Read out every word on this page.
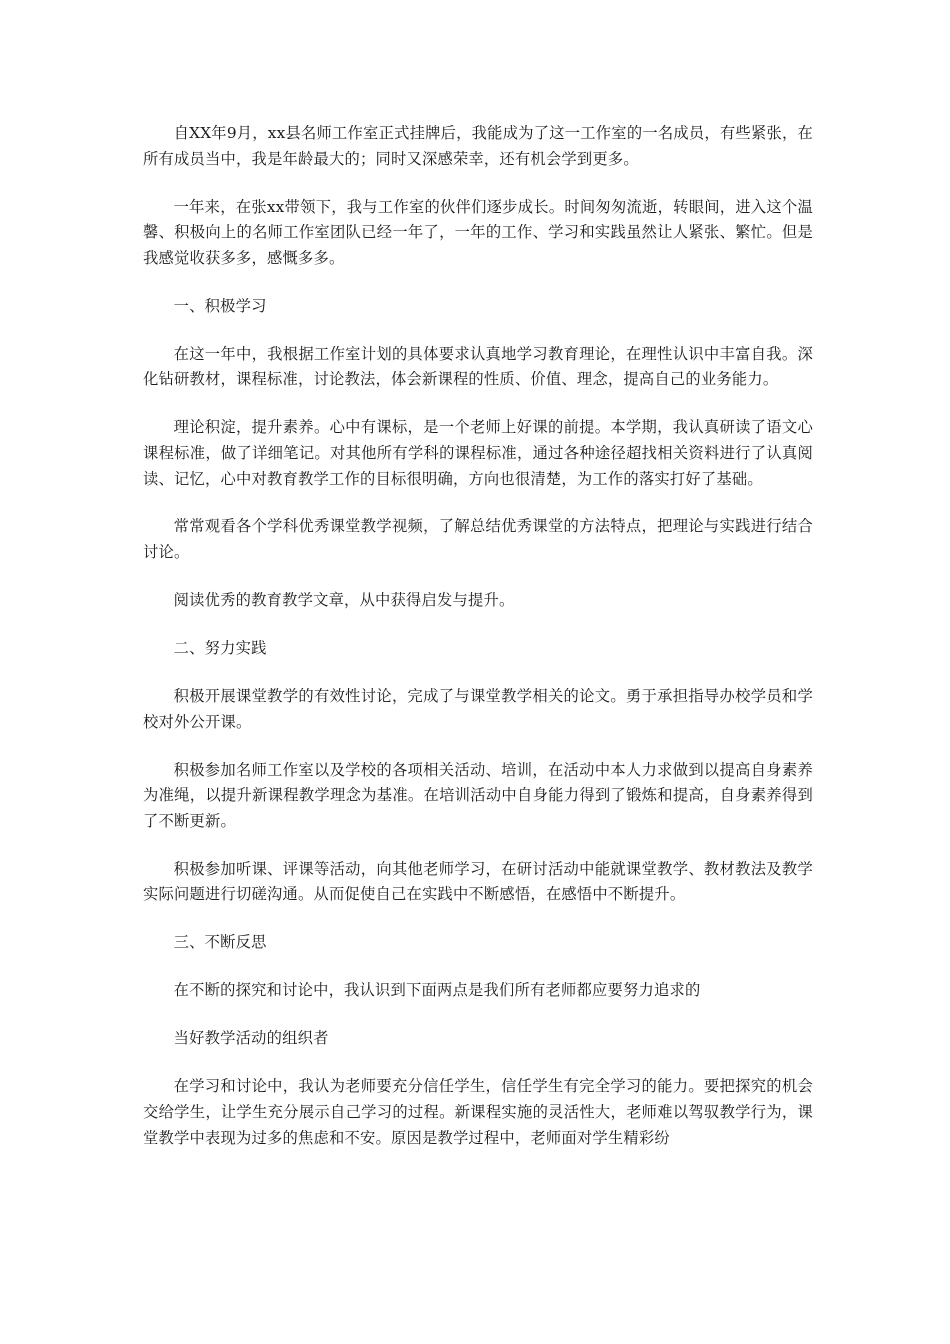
自XX年9月，xx县名师工作室正式挂牌后，我能成为了这一工作室的一名成员，有些紧张，在所有成员当中，我是年龄最大的；同时又深感荣幸，还有机会学到更多。

一年来，在张xx带领下，我与工作室的伙伴们逐步成长。时间匆匆流逝，转眼间，进入这个温馨、积极向上的名师工作室团队已经一年了，一年的工作、学习和实践虽然让人紧张、繁忙。但是我感觉收获多多，感慨多多。

一、积极学习

在这一年中，我根据工作室计划的具体要求认真地学习教育理论，在理性认识中丰富自我。深化钻研教材，课程标准，讨论教法，体会新课程的性质、价值、理念，提高自己的业务能力。

理论积淀，提升素养。心中有课标，是一个老师上好课的前提。本学期，我认真研读了语文心课程标准，做了详细笔记。对其他所有学科的课程标准，通过各种途径超找相关资料进行了认真阅读、记忆，心中对教育教学工作的目标很明确，方向也很清楚，为工作的落实打好了基础。

常常观看各个学科优秀课堂教学视频，了解总结优秀课堂的方法特点，把理论与实践进行结合讨论。

阅读优秀的教育教学文章，从中获得启发与提升。

二、努力实践

积极开展课堂教学的有效性讨论，完成了与课堂教学相关的论文。勇于承担指导办校学员和学校对外公开课。

积极参加名师工作室以及学校的各项相关活动、培训，在活动中本人力求做到以提高自身素养为准绳，以提升新课程教学理念为基准。在培训活动中自身能力得到了锻炼和提高，自身素养得到了不断更新。

积极参加听课、评课等活动，向其他老师学习，在研讨活动中能就课堂教学、教材教法及教学实际问题进行切磋沟通。从而促使自己在实践中不断感悟，在感悟中不断提升。

三、不断反思

在不断的探究和讨论中，我认识到下面两点是我们所有老师都应要努力追求的

当好教学活动的组织者

在学习和讨论中，我认为老师要充分信任学生，信任学生有完全学习的能力。要把探究的机会交给学生，让学生充分展示自己学习的过程。新课程实施的灵活性大，老师难以驾驭教学行为，课堂教学中表现为过多的焦虑和不安。原因是教学过程中，老师面对学生精彩纷
